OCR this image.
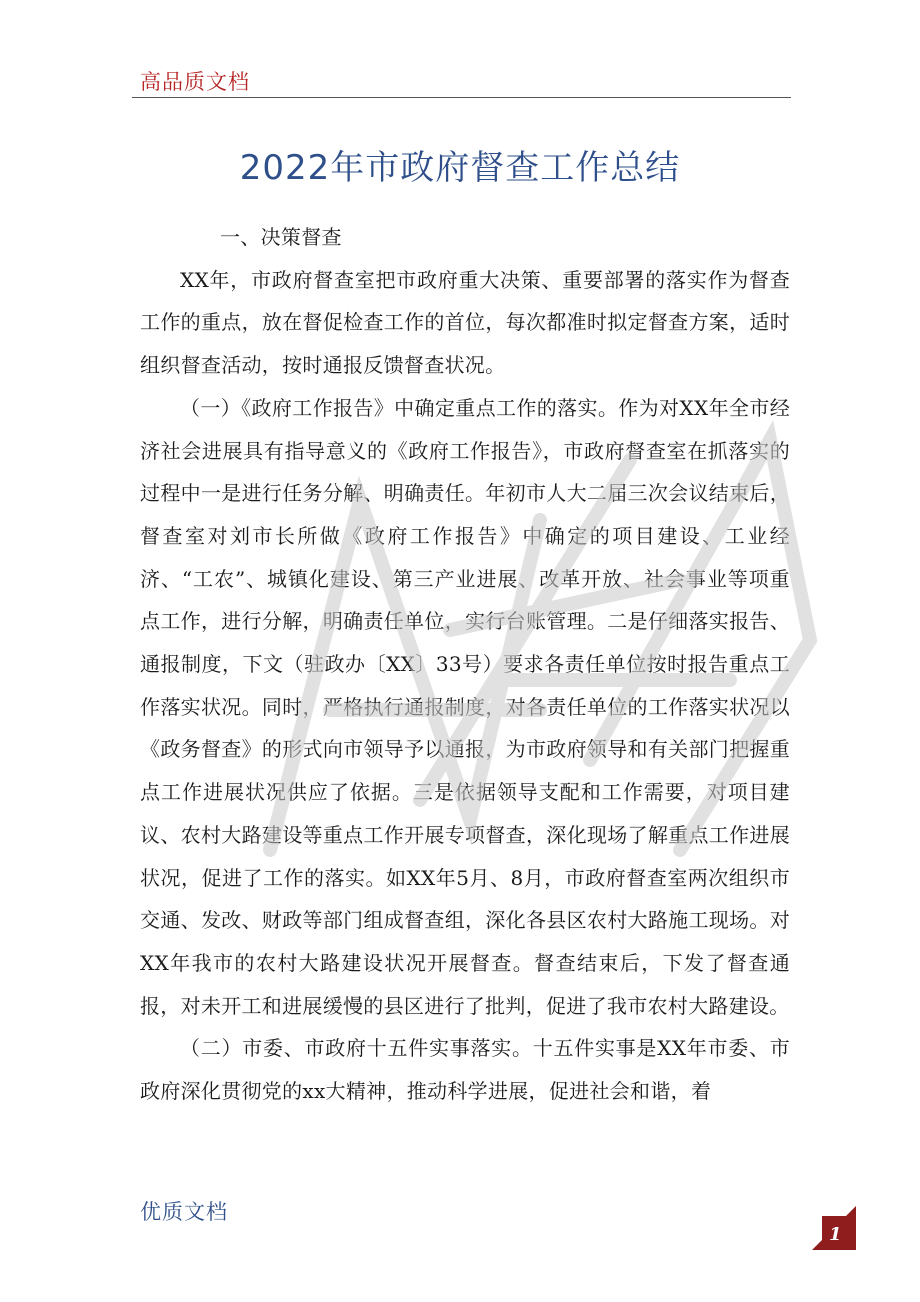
高品质文档
2022年市政府督查工作总结

一、决策督查

XX年，市政府督查室把市政府重大决策、重要部署的落实作为督查工作的重点，放在督促检查工作的首位，每次都准时拟定督查方案，适时组织督查活动，按时通报反馈督查状况。

（一）《政府工作报告》中确定重点工作的落实。作为对XX年全市经济社会进展具有指导意义的《政府工作报告》，市政府督查室在抓落实的过程中一是进行任务分解、明确责任。年初市人大二届三次会议结束后，督查室对刘市长所做《政府工作报告》中确定的项目建设、工业经济、“工农”、城镇化建设、第三产业进展、改革开放、社会事业等项重点工作，进行分解，明确责任单位，实行台账管理。二是仔细落实报告、通报制度，下文（驻政办〔XX〕33号）要求各责任单位按时报告重点工作落实状况。同时，严格执行通报制度，对各责任单位的工作落实状况以《政务督查》的形式向市领导予以通报，为市政府领导和有关部门把握重点工作进展状况供应了依据。三是依据领导支配和工作需要，对项目建议、农村大路建设等重点工作开展专项督查，深化现场了解重点工作进展状况，促进了工作的落实。如XX年5月、8月，市政府督查室两次组织市交通、发改、财政等部门组成督查组，深化各县区农村大路施工现场。对XX年我市的农村大路建设状况开展督查。督查结束后，下发了督查通报，对未开工和进展缓慢的县区进行了批判，促进了我市农村大路建设。

（二）市委、市政府十五件实事落实。十五件实事是XX年市委、市政府深化贯彻党的xx大精神，推动科学进展，促进社会和谐，着

优质文档
1
